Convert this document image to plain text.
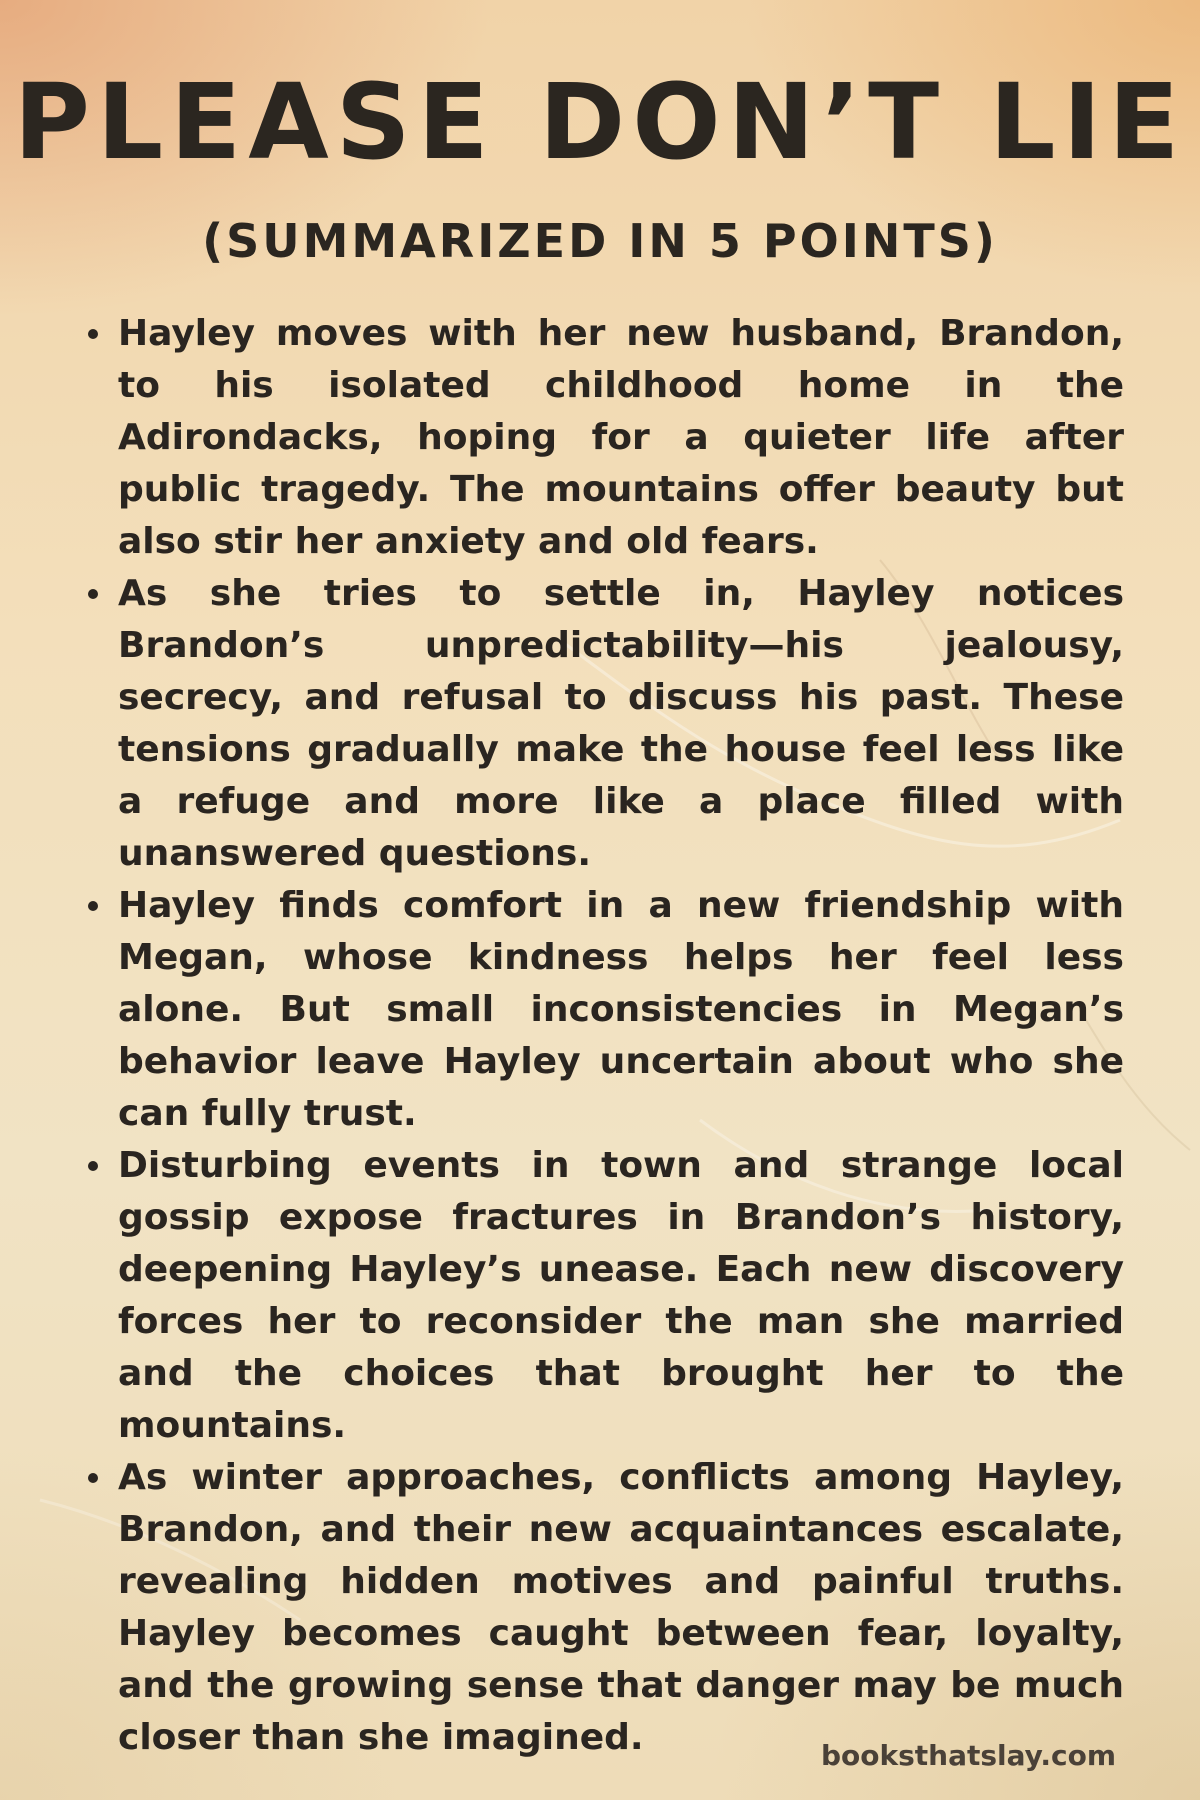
PLEASE DON’T LIE
(SUMMARIZED IN 5 POINTS)
Hayley moves with her new husband, Brandon, to his isolated childhood home in the Adirondacks, hoping for a quieter life after public tragedy. The mountains offer beauty but also stir her anxiety and old fears.
As she tries to settle in, Hayley notices Brandon’s unpredictability—his jealousy, secrecy, and refusal to discuss his past. These tensions gradually make the house feel less like a refuge and more like a place filled with unanswered questions.
Hayley finds comfort in a new friendship with Megan, whose kindness helps her feel less alone. But small inconsistencies in Megan’s behavior leave Hayley uncertain about who she can fully trust.
Disturbing events in town and strange local gossip expose fractures in Brandon’s history, deepening Hayley’s unease. Each new discovery forces her to reconsider the man she married and the choices that brought her to the mountains.
As winter approaches, conflicts among Hayley, Brandon, and their new acquaintances escalate, revealing hidden motives and painful truths. Hayley becomes caught between fear, loyalty, and the growing sense that danger may be much closer than she imagined.	booksthatslay.com
